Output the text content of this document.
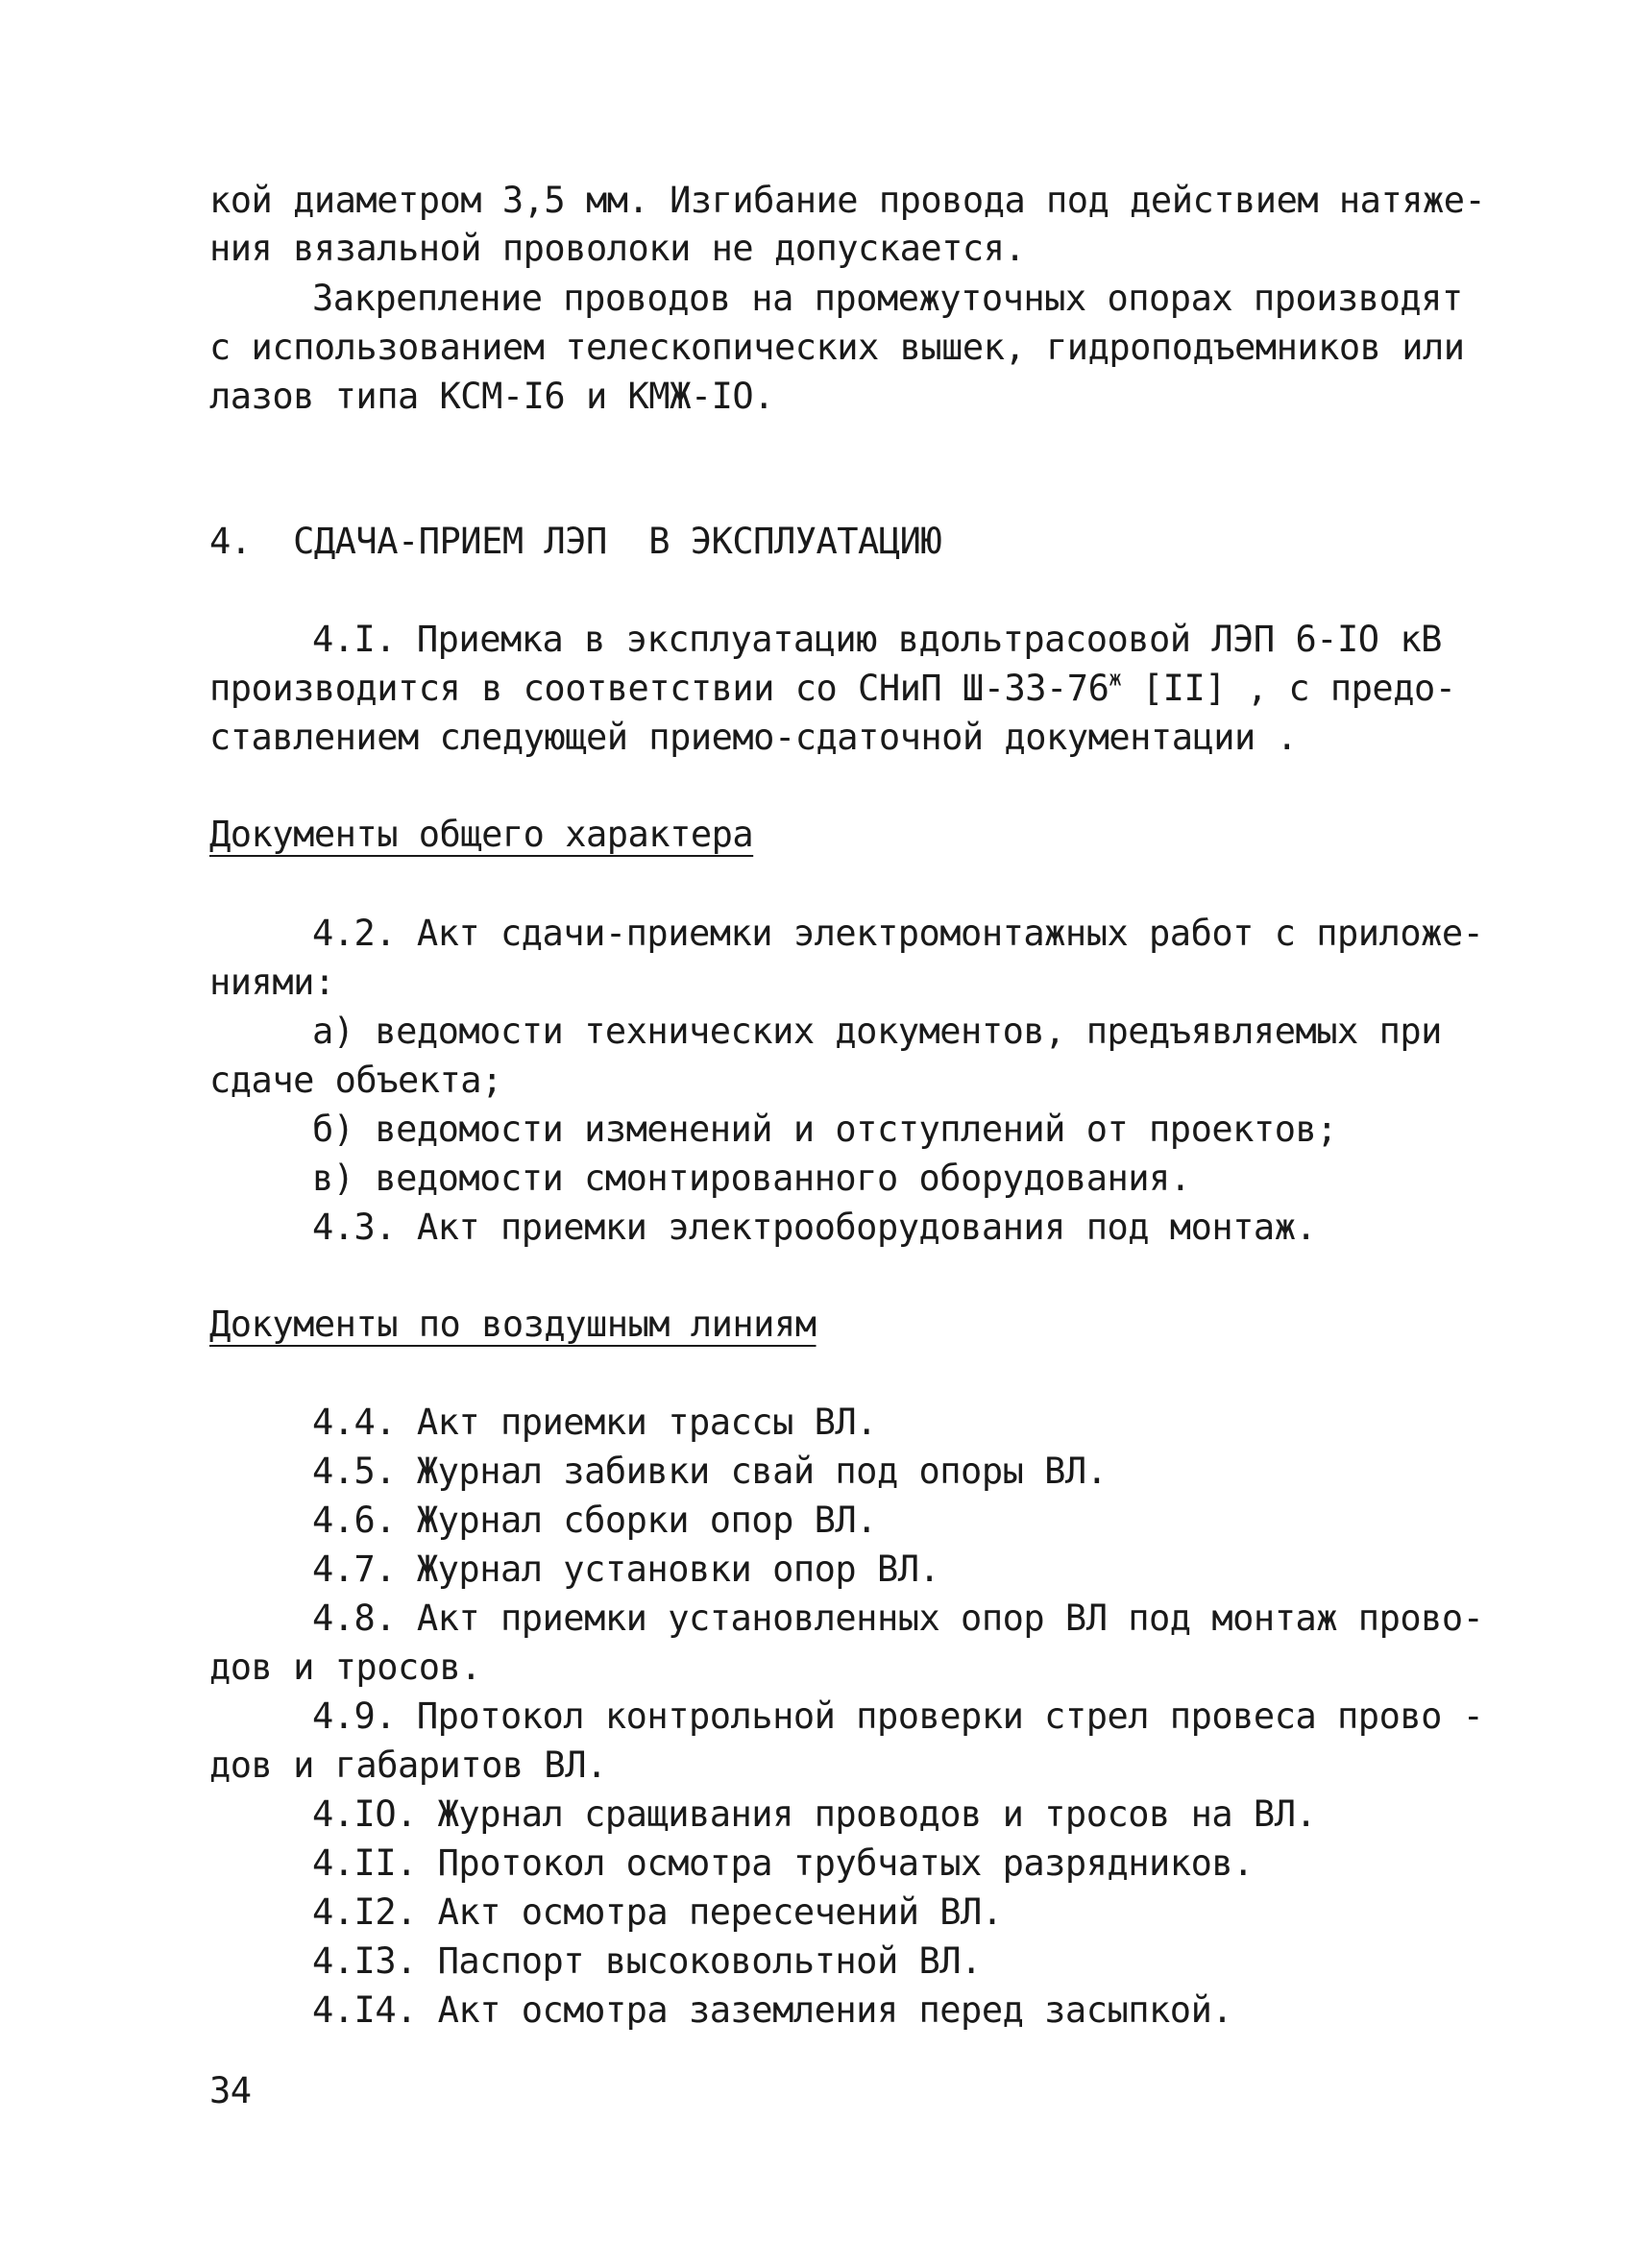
кой диаметром 3,5 мм. Изгибание провода под действием натяже-
ния вязальной проволоки не допускается.
Закрепление проводов на промежуточных опорах производят
с использованием телескопических вышек, гидроподъемников или
лазов типа КСМ-I6 и КМЖ-IO.
4.  СДАЧА-ПРИЕМ ЛЭП  В ЭКСПЛУАТАЦИЮ
4.I. Приемка в эксплуатацию вдольтрасоовой ЛЭП 6-IO кВ
производится в соответствии со СНиП $Ш-33-76^ж$ [II] , с предо-
ставлением следующей приемо-сдаточной документации .
Документы общего характера
4.2. Акт сдачи-приемки электромонтажных работ с приложе-
ниями:
а) ведомости технических документов, предъявляемых при
сдаче объекта;
б) ведомости изменений и отступлений от проектов;
в) ведомости смонтированного оборудования.
4.3. Акт приемки электрооборудования под монтаж.
Документы по воздушным линиям
4.4. Акт приемки трассы ВЛ.
4.5. Журнал забивки свай под опоры ВЛ.
4.6. Журнал сборки опор ВЛ.
4.7. Журнал установки опор ВЛ.
4.8. Акт приемки установленных опор ВЛ под монтаж прово-
дов и тросов.
4.9. Протокол контрольной проверки стрел провеса прово -
дов и габаритов ВЛ.
4.IO. Журнал сращивания проводов и тросов на ВЛ.
4.II. Протокол осмотра трубчатых разрядников.
4.I2. Акт осмотра пересечений ВЛ.
4.I3. Паспорт высоковольтной ВЛ.
4.I4. Акт осмотра заземления перед засыпкой.
34
